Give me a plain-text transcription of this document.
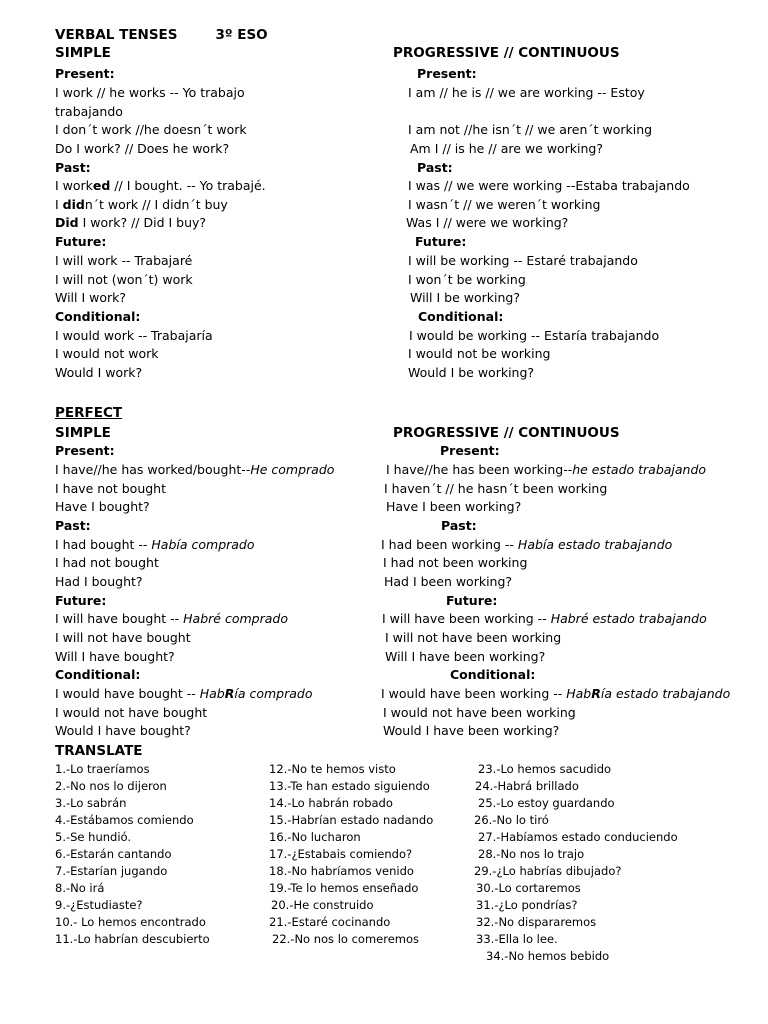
VERBAL TENSES	3º ESO
SIMPLE	PROGRESSIVE // CONTINUOUS
Present:	Present:
I work // he works -- Yo trabajo	I am // he is // we are working -- Estoy
trabajando
I don´t work //he doesn´t work	I am not //he isn´t // we aren´t working
Do I work? // Does he work?	Am I // is he // are we working?
Past:	Past:
I worked // I bought. -- Yo trabajé.	I was // we were working --Estaba trabajando
I didn´t work // I didn´t buy	I wasn´t // we weren´t working
Did I work? // Did I buy?	Was I // were we working?
Future:	Future:
I will work -- Trabajaré	I will be working -- Estaré trabajando
I will not (won´t) work	I won´t be working
Will I work?	Will I be working?
Conditional:	Conditional:
I would work -- Trabajaría	I would be working -- Estaría trabajando
I would not work	I would not be working
Would I work?	Would I be working?
PERFECT
SIMPLE	PROGRESSIVE // CONTINUOUS
Present:	Present:
I have//he has worked/bought--He comprado	I have//he has been working--he estado trabajando
I have not bought	I haven´t // he hasn´t been working
Have I bought?	Have I been working?
Past:	Past:
I had bought -- Había comprado	I had been working -- Había estado trabajando
I had not bought	I had not been working
Had I bought?	Had I been working?
Future:	Future:
I will have bought -- Habré comprado	I will have been working -- Habré estado trabajando
I will not have bought	I will not have been working
Will I have bought?	Will I have been working?
Conditional:	Conditional:
I would have bought -- HabRía comprado	I would have been working -- HabRía estado trabajando
I would not have bought	I would not have been working
Would I have bought?	Would I have been working?
TRANSLATE
1.-Lo traeríamos
2.-No nos lo dijeron
3.-Lo sabrán
4.-Estábamos comiendo
5.-Se hundió.
6.-Estarán cantando
7.-Estarían jugando
8.-No irá
9.-¿Estudiaste?
10.- Lo hemos encontrado
11.-Lo habrían descubierto
12.-No te hemos visto
13.-Te han estado siguiendo
14.-Lo habrán robado
15.-Habrían estado nadando
16.-No lucharon
17.-¿Estabais comiendo?
18.-No habríamos venido
19.-Te lo hemos enseñado
20.-He construido
21.-Estaré cocinando
22.-No nos lo comeremos
23.-Lo hemos sacudido
24.-Habrá brillado
25.-Lo estoy guardando
26.-No lo tiró
27.-Habíamos estado conduciendo
28.-No nos lo trajo
29.-¿Lo habrías dibujado?
30.-Lo cortaremos
31.-¿Lo pondrías?
32.-No dispararemos
33.-Ella lo lee.
34.-No hemos bebido
